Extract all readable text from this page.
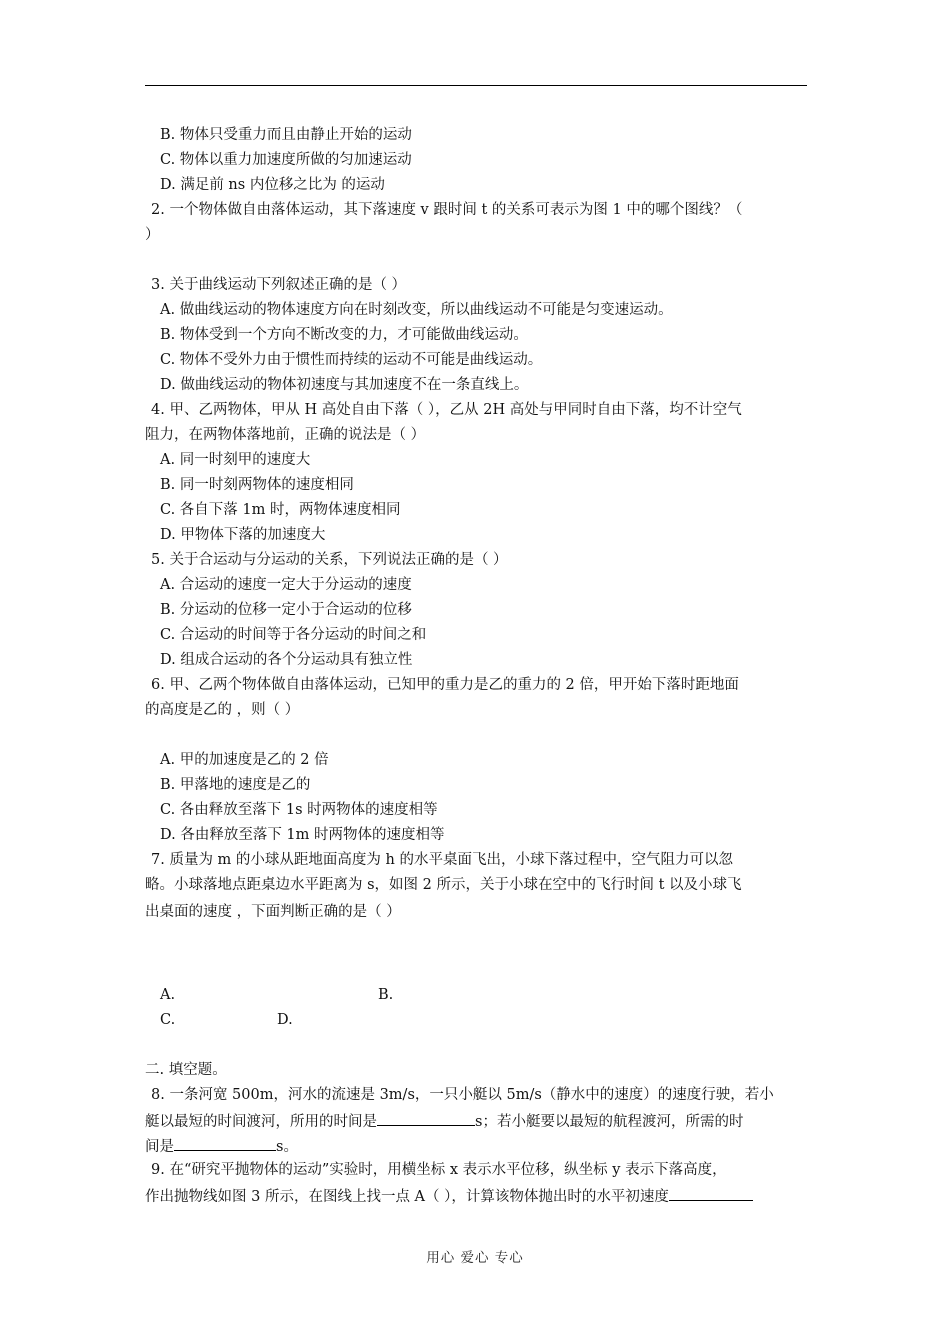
B. 物体只受重力而且由静止开始的运动
C. 物体以重力加速度所做的匀加速运动
D. 满足前 ns 内位移之比为 的运动
2. 一个物体做自由落体运动，其下落速度 v 跟时间 t 的关系可表示为图 1 中的哪个图线？（
）
3. 关于曲线运动下列叙述正确的是（ ）
A. 做曲线运动的物体速度方向在时刻改变，所以曲线运动不可能是匀变速运动。
B. 物体受到一个方向不断改变的力，才可能做曲线运动。
C. 物体不受外力由于惯性而持续的运动不可能是曲线运动。
D. 做曲线运动的物体初速度与其加速度不在一条直线上。
4. 甲、乙两物体，甲从 H 高处自由下落（ ），乙从 2H 高处与甲同时自由下落，均不计空气
阻力，在两物体落地前，正确的说法是（ ）
A. 同一时刻甲的速度大
B. 同一时刻两物体的速度相同
C. 各自下落 1m 时，两物体速度相同
D. 甲物体下落的加速度大
5. 关于合运动与分运动的关系，下列说法正确的是（ ）
A. 合运动的速度一定大于分运动的速度
B. 分运动的位移一定小于合运动的位移
C. 合运动的时间等于各分运动的时间之和
D. 组成合运动的各个分运动具有独立性
6. 甲、乙两个物体做自由落体运动，已知甲的重力是乙的重力的 2 倍，甲开始下落时距地面
的高度是乙的 ，则（ ）
A. 甲的加速度是乙的 2 倍
B. 甲落地的速度是乙的
C. 各由释放至落下 1s 时两物体的速度相等
D. 各由释放至落下 1m 时两物体的速度相等
7. 质量为 m 的小球从距地面高度为 h 的水平桌面飞出，小球下落过程中，空气阻力可以忽
略。小球落地点距桌边水平距离为 s，如图 2 所示，关于小球在空中的飞行时间 t 以及小球飞
出桌面的速度 ，下面判断正确的是（ ）
A.	B.
C.	D.
二. 填空题。
8. 一条河宽 500m，河水的流速是 3m/s，一只小艇以 5m/s（静水中的速度）的速度行驶，若小
艇以最短的时间渡河，所用的时间是	s；若小艇要以最短的航程渡河，所需的时
间是	s。
9. 在“研究平抛物体的运动”实验时，用横坐标 x 表示水平位移，纵坐标 y 表示下落高度，
作出抛物线如图 3 所示，在图线上找一点 A（ ），计算该物体抛出时的水平初速度
用心 爱心 专心
